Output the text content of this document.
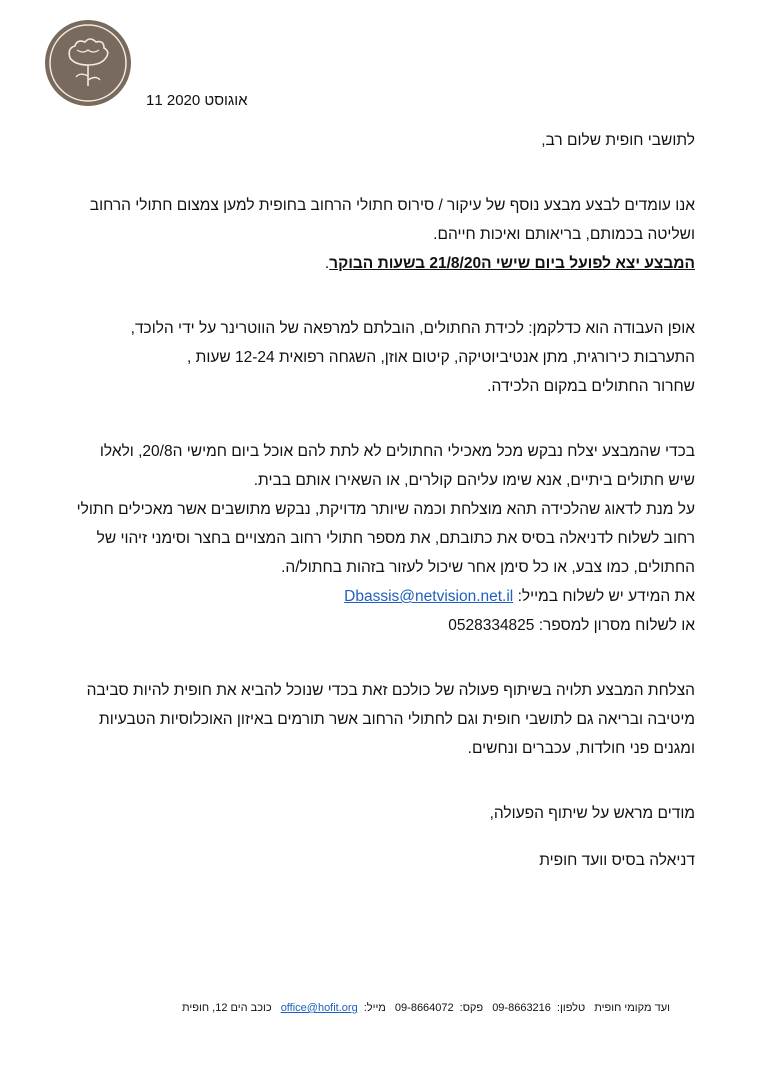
11 אוגוסט 2020

לתושבי חופית שלום רב,

אנו עומדים לבצע מבצע נוסף של עיקור / סירוס חתולי הרחוב בחופית למען צמצום חתולי הרחוב

ושליטה בכמותם, בריאותם ואיכות חייהם.

המבצע יצא לפועל ביום שישי ה21/8/20 בשעות הבוקר.

אופן העבודה הוא כדלקמן: לכידת החתולים, הובלתם למרפאה של הווטרינר על ידי הלוכד,

התערבות כירורגית, מתן אנטיביוטיקה, קיטום אוזן, השגחה רפואית 12-24 שעות ,

שחרור החתולים במקום הלכידה.

בכדי שהמבצע יצלח נבקש מכל מאכילי החתולים לא לתת להם אוכל ביום חמישי ה20/8, ולאלו

שיש חתולים ביתיים, אנא שימו עליהם קולרים, או השאירו אותם בבית.

על מנת לדאוג שהלכידה תהא מוצלחת וכמה שיותר מדויקת, נבקש מתושבים אשר מאכילים חתולי

רחוב לשלוח לדניאלה בסיס את כתובתם, את מספר חתולי רחוב המצויים בחצר וסימני זיהוי של

החתולים, כמו צבע, או כל סימן אחר שיכול לעזור בזהות בחתול/ה.

את המידע יש לשלוח במייל: Dbassis@netvision.net.il

או לשלוח מסרון למספר: 0528334825

הצלחת המבצע תלויה בשיתוף פעולה של כולכם זאת בכדי שנוכל להביא את חופית להיות סביבה

מיטיבה ובריאה גם לתושבי חופית וגם לחתולי הרחוב אשר תורמים באיזון האוכלוסיות הטבעיות

ומגנים פני חולדות, עכברים ונחשים.

מודים מראש על שיתוף הפעולה,

דניאלה בסיס וועד חופית

ועד מקומי חופית טלפון:09-8663216 פקס:09-8664072 מייל:office@hofit.org כוכב הים 12, חופית
